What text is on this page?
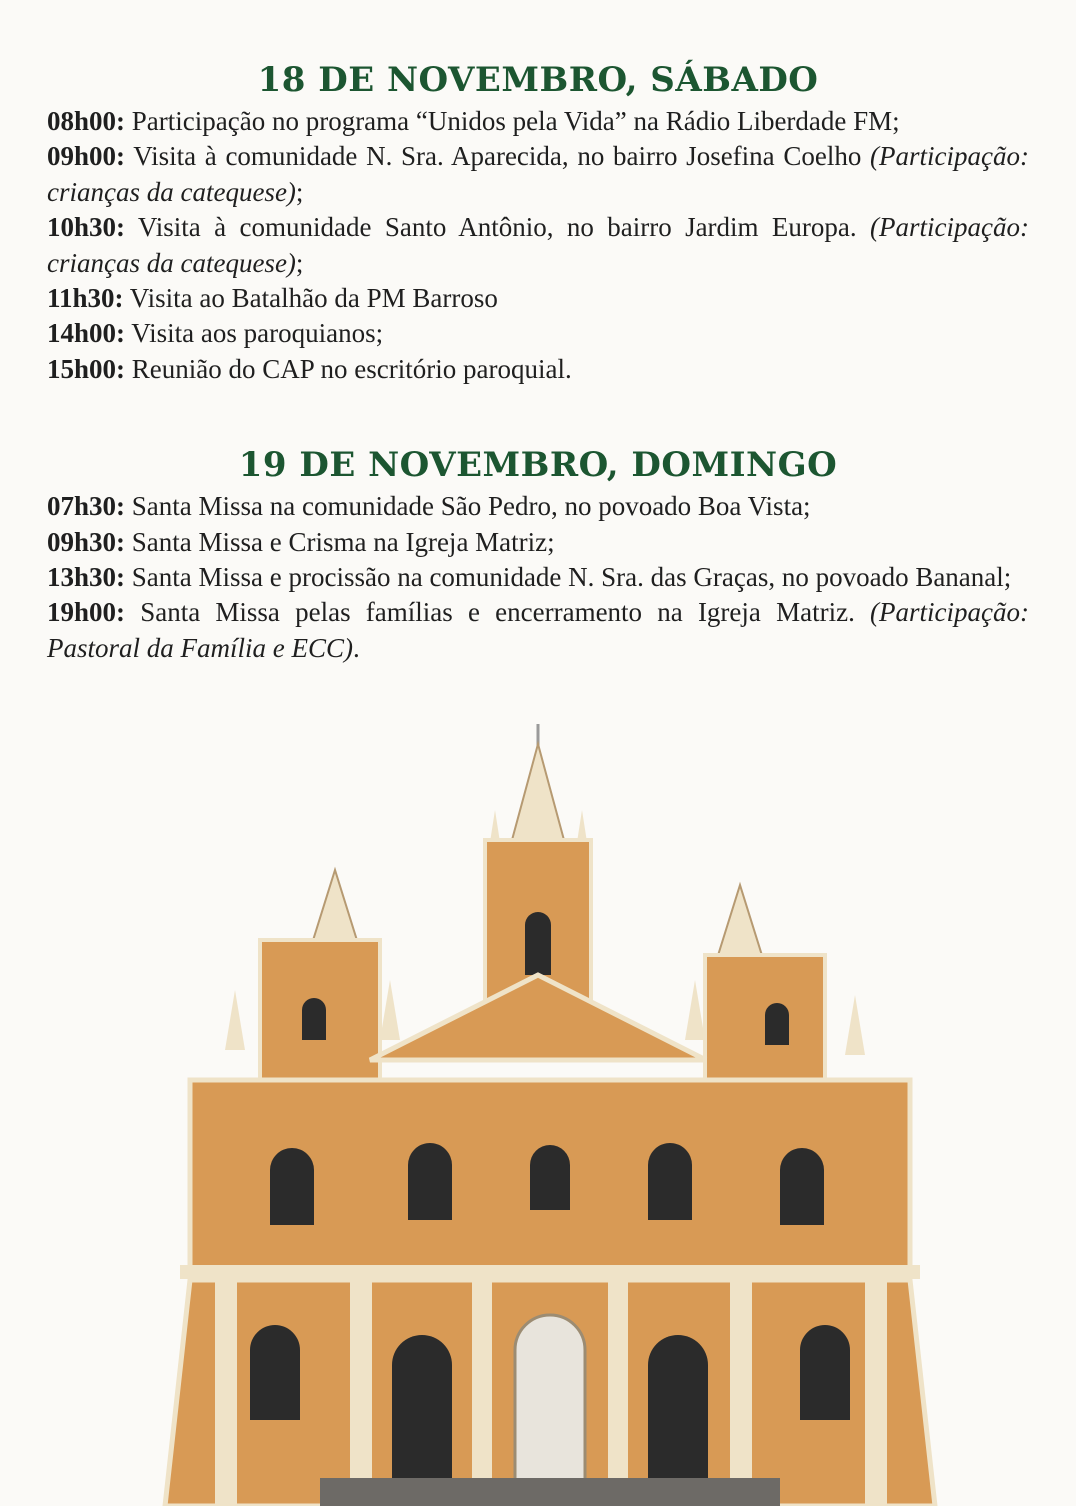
18 DE NOVEMBRO, SÁBADO

08h00: Participação no programa “Unidos pela Vida” na Rádio Liberdade FM;

09h00: Visita à comunidade N. Sra. Aparecida, no bairro Josefina Coelho (Participação: crianças da catequese);

10h30: Visita à comunidade Santo Antônio, no bairro Jardim Europa. (Participação: crianças da catequese);

11h30: Visita ao Batalhão da PM Barroso

14h00: Visita aos paroquianos;

15h00: Reunião do CAP no escritório paroquial.

19 DE NOVEMBRO, DOMINGO

07h30: Santa Missa na comunidade São Pedro, no povoado Boa Vista;

09h30: Santa Missa e Crisma na Igreja Matriz;

13h30: Santa Missa e procissão na comunidade N. Sra. das Graças, no povoado Bananal;

19h00: Santa Missa pelas famílias e encerramento na Igreja Matriz. (Participação: Pastoral da Família e ECC).
